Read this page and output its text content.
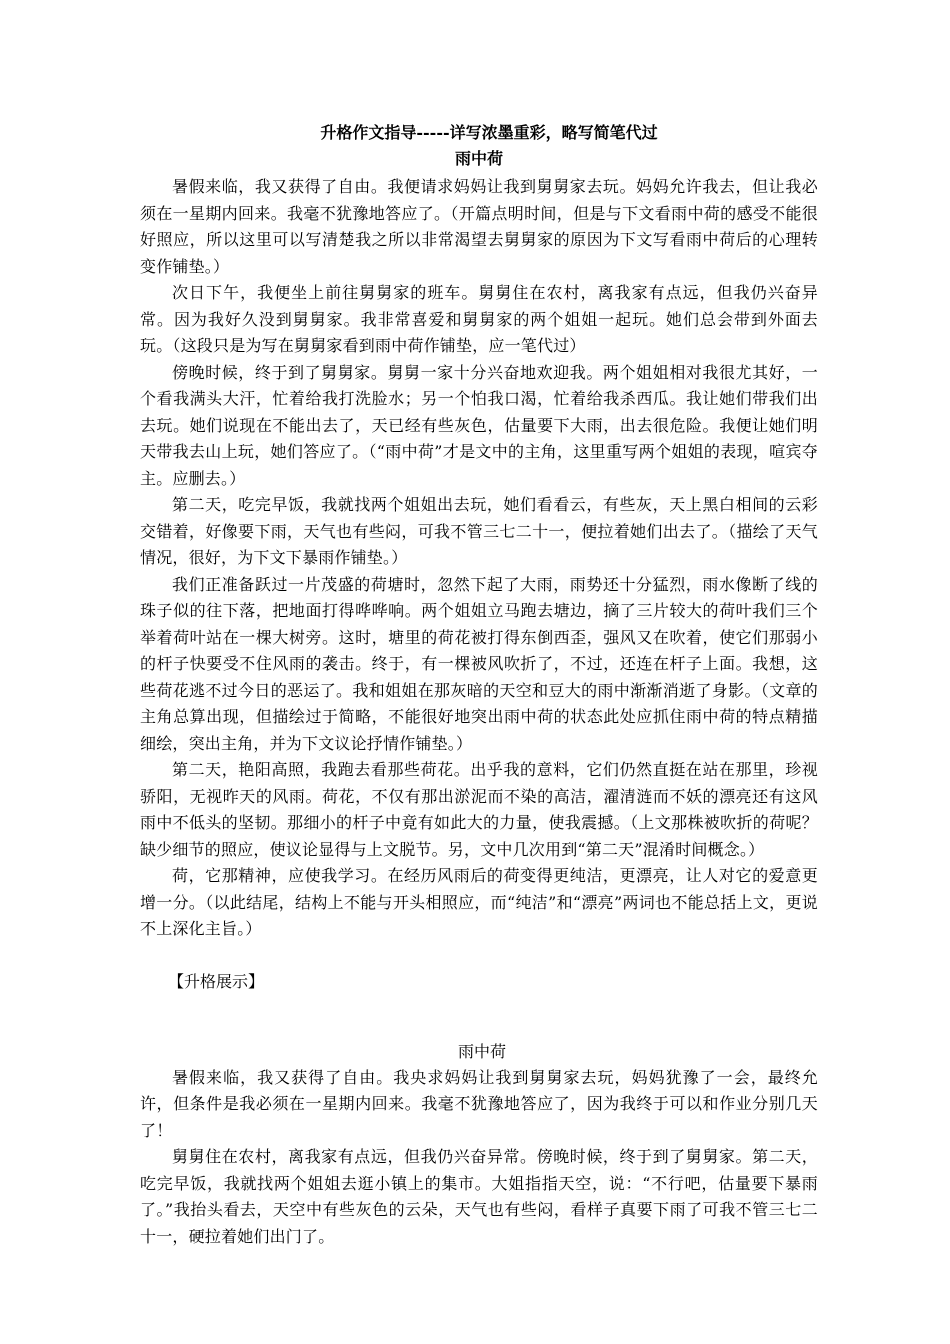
升格作文指导-----详写浓墨重彩，略写简笔代过

雨中荷

暑假来临，我又获得了自由。我便请求妈妈让我到舅舅家去玩。妈妈允许我去，但让我必须在一星期内回来。我毫不犹豫地答应了。（开篇点明时间，但是与下文看雨中荷的感受不能很好照应，所以这里可以写清楚我之所以非常渴望去舅舅家的原因为下文写看雨中荷后的心理转变作铺垫。）

次日下午，我便坐上前往舅舅家的班车。舅舅住在农村，离我家有点远，但我仍兴奋异常。因为我好久没到舅舅家。我非常喜爱和舅舅家的两个姐姐一起玩。她们总会带到外面去玩。（这段只是为写在舅舅家看到雨中荷作铺垫，应一笔代过）

傍晚时候，终于到了舅舅家。舅舅一家十分兴奋地欢迎我。两个姐姐相对我很尤其好，一个看我满头大汗，忙着给我打洗脸水；另一个怕我口渴，忙着给我杀西瓜。我让她们带我们出去玩。她们说现在不能出去了，天已经有些灰色，估量要下大雨，出去很危险。我便让她们明天带我去山上玩，她们答应了。（“雨中荷”才是文中的主角，这里重写两个姐姐的表现，喧宾夺主。应删去。）

第二天，吃完早饭，我就找两个姐姐出去玩，她们看看云，有些灰，天上黑白相间的云彩交错着，好像要下雨，天气也有些闷，可我不管三七二十一，便拉着她们出去了。（描绘了天气情况，很好，为下文下暴雨作铺垫。）

我们正准备跃过一片茂盛的荷塘时，忽然下起了大雨，雨势还十分猛烈，雨水像断了线的珠子似的往下落，把地面打得哗哗响。两个姐姐立马跑去塘边，摘了三片较大的荷叶我们三个举着荷叶站在一棵大树旁。这时，塘里的荷花被打得东倒西歪，强风又在吹着，使它们那弱小的杆子快要受不住风雨的袭击。终于，有一棵被风吹折了，不过，还连在杆子上面。我想，这些荷花逃不过今日的恶运了。我和姐姐在那灰暗的天空和豆大的雨中渐渐消逝了身影。（文章的主角总算出现，但描绘过于简略，不能很好地突出雨中荷的状态此处应抓住雨中荷的特点精描细绘，突出主角，并为下文议论抒情作铺垫。）

第二天，艳阳高照，我跑去看那些荷花。出乎我的意料，它们仍然直挺在站在那里，珍视骄阳，无视昨天的风雨。荷花，不仅有那出淤泥而不染的高洁，濯清涟而不妖的漂亮还有这风雨中不低头的坚韧。那细小的杆子中竟有如此大的力量，使我震撼。（上文那株被吹折的荷呢？缺少细节的照应，使议论显得与上文脱节。另，文中几次用到“第二天”混淆时间概念。）

荷，它那精神，应使我学习。在经历风雨后的荷变得更纯洁，更漂亮，让人对它的爱意更增一分。（以此结尾，结构上不能与开头相照应，而“纯洁”和“漂亮”两词也不能总括上文，更说不上深化主旨。）

【升格展示】

雨中荷

暑假来临，我又获得了自由。我央求妈妈让我到舅舅家去玩，妈妈犹豫了一会，最终允许，但条件是我必须在一星期内回来。我毫不犹豫地答应了，因为我终于可以和作业分别几天了！

舅舅住在农村，离我家有点远，但我仍兴奋异常。傍晚时候，终于到了舅舅家。第二天，吃完早饭，我就找两个姐姐去逛小镇上的集市。大姐指指天空，说：“不行吧，估量要下暴雨了。”我抬头看去，天空中有些灰色的云朵，天气也有些闷，看样子真要下雨了可我不管三七二十一，硬拉着她们出门了。
